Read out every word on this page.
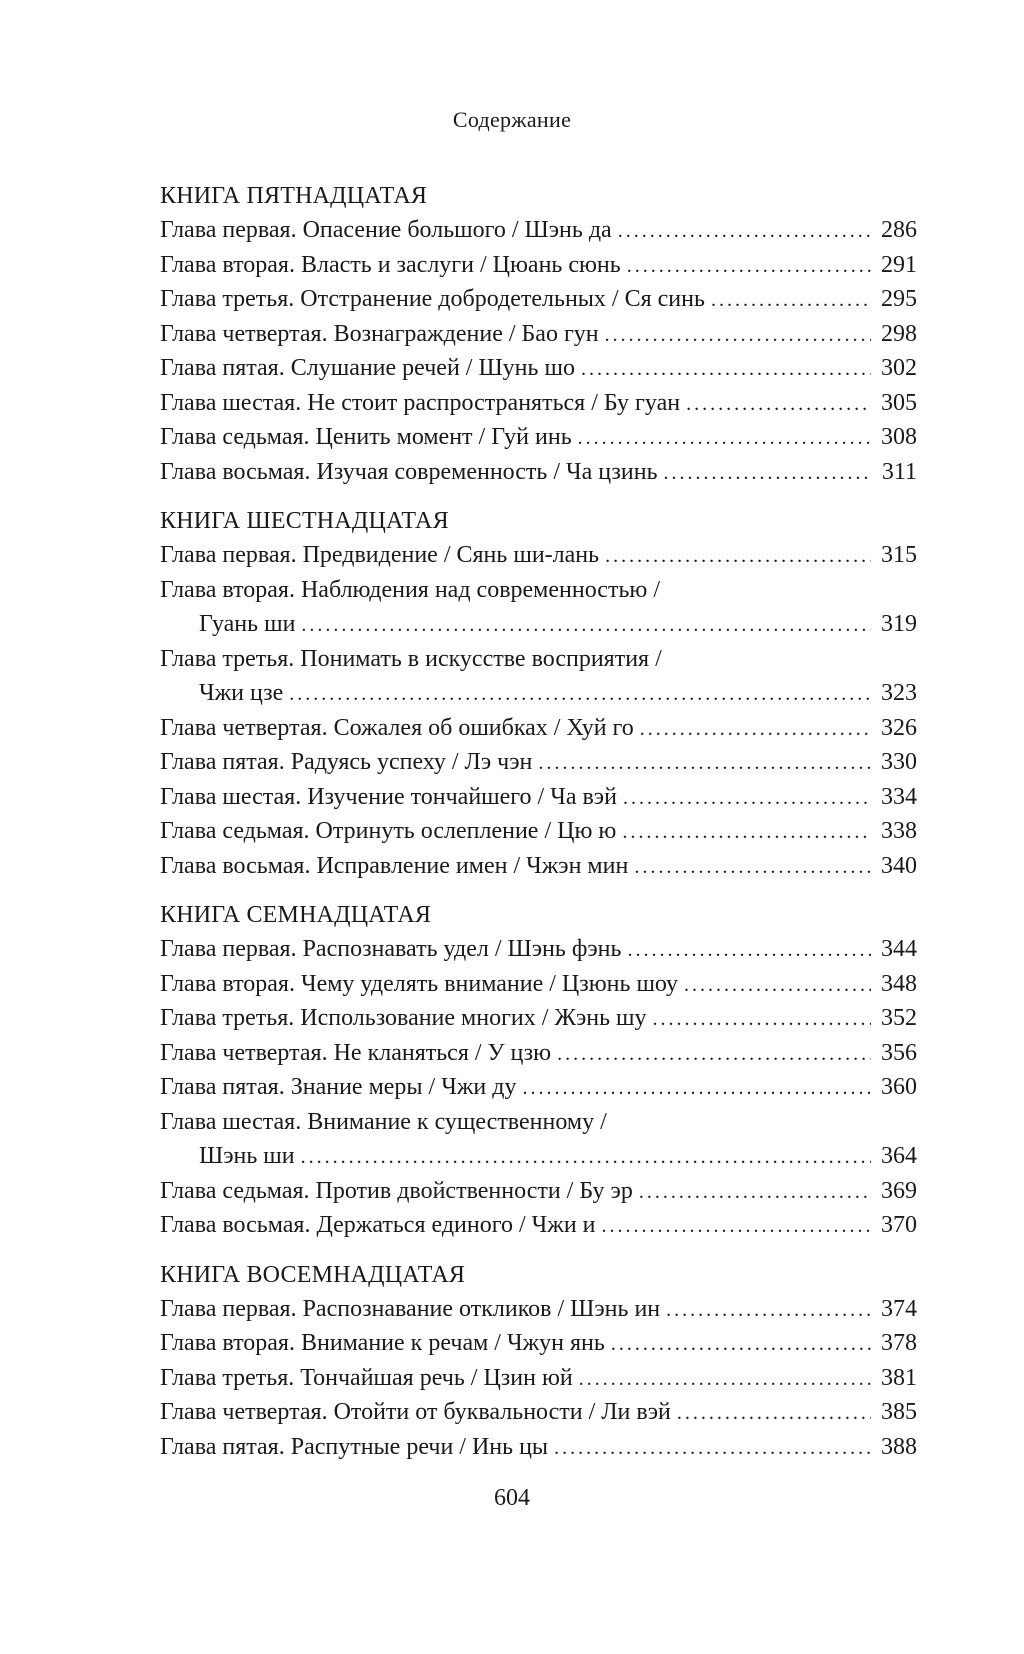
Содержание
КНИГА ПЯТНАДЦАТАЯ
Глава первая. Опасение большого / Шэнь да . . .	286
Глава вторая. Власть и заслуги / Цюань сюнь . . .	291
Глава третья. Отстранение добродетельных / Ся синь . . .	295
Глава четвертая. Вознаграждение / Бао гун . . .	298
Глава пятая. Слушание речей / Шунь шо . . .	302
Глава шестая. Не стоит распространяться / Бу гуан . . .	305
Глава седьмая. Ценить момент / Гуй инь . . .	308
Глава восьмая. Изучая современность / Ча цзинь . . .	311
КНИГА ШЕСТНАДЦАТАЯ
Глава первая. Предвидение / Сянь ши-лань . . .	315
Глава вторая. Наблюдения над современностью /
Гуань ши . . .	319
Глава третья. Понимать в искусстве восприятия /
Чжи цзе . . .	323
Глава четвертая. Сожалея об ошибках / Хуй го . . .	326
Глава пятая. Радуясь успеху / Лэ чэн . . .	330
Глава шестая. Изучение тончайшего / Ча вэй . . .	334
Глава седьмая. Отринуть ослепление / Цю ю . . .	338
Глава восьмая. Исправление имен / Чжэн мин . . .	340
КНИГА СЕМНАДЦАТАЯ
Глава первая. Распознавать удел / Шэнь фэнь . . .	344
Глава вторая. Чему уделять внимание / Цзюнь шоу . . .	348
Глава третья. Использование многих / Жэнь шу . . .	352
Глава четвертая. Не кланяться / У цзю . . .	356
Глава пятая. Знание меры / Чжи ду . . .	360
Глава шестая. Внимание к существенному /
Шэнь ши . . .	364
Глава седьмая. Против двойственности / Бу эр . . .	369
Глава восьмая. Держаться единого / Чжи и . . .	370
КНИГА ВОСЕМНАДЦАТАЯ
Глава первая. Распознавание откликов / Шэнь ин . . .	374
Глава вторая. Внимание к речам / Чжун янь . . .	378
Глава третья. Тончайшая речь / Цзин юй . . .	381
Глава четвертая. Отойти от буквальности / Ли вэй . . .	385
Глава пятая. Распутные речи / Инь цы . . .	388
604
